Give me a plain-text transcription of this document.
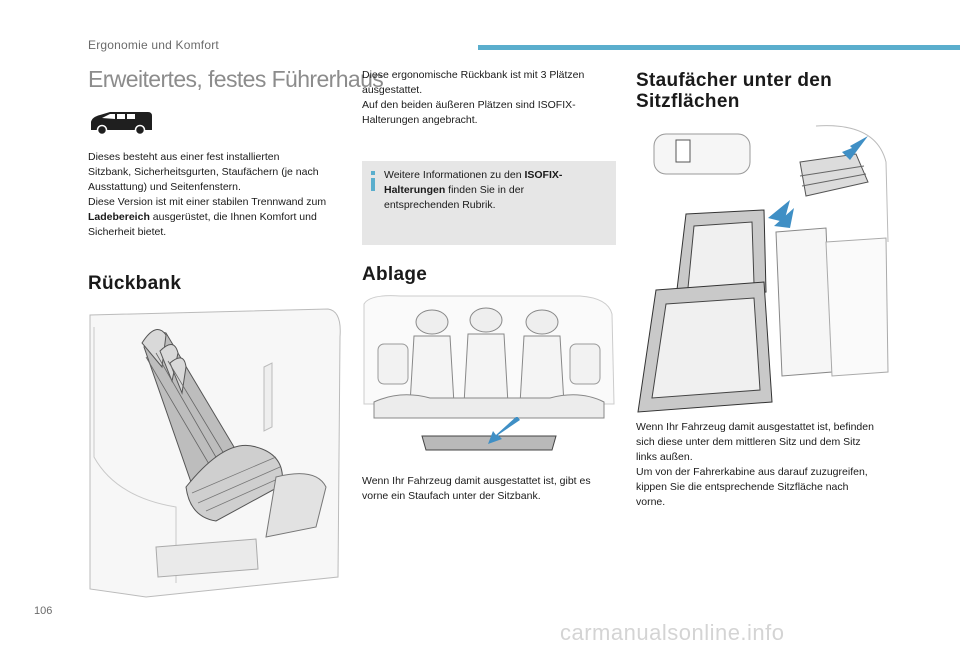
Ergonomie und Komfort
Erweitertes, festes Führerhaus

Dieses besteht aus einer fest installierten

Sitzbank, Sicherheitsgurten, Staufächern (je nach

Ausstattung) und Seitenfenstern.

Diese Version ist mit einer stabilen Trennwand zum

Ladebereich ausgerüstet, die Ihnen Komfort und

Sicherheit bietet.

Rückbank

Diese ergonomische Rückbank ist mit 3 Plätzen

ausgestattet.

Auf den beiden äußeren Plätzen sind ISOFIX-

Halterungen angebracht.

Weitere Informationen zu den ISOFIX-
Halterungen finden Sie in der
entsprechenden Rubrik.
Ablage

Wenn Ihr Fahrzeug damit ausgestattet ist, gibt es

vorne ein Staufach unter der Sitzbank.

Staufächer unter den
Sitzflächen

Wenn Ihr Fahrzeug damit ausgestattet ist, befinden

sich diese unter dem mittleren Sitz und dem Sitz

links außen.

Um von der Fahrerkabine aus darauf zuzugreifen,

kippen Sie die entsprechende Sitzfläche nach

vorne.

106
carmanualsonline.info
